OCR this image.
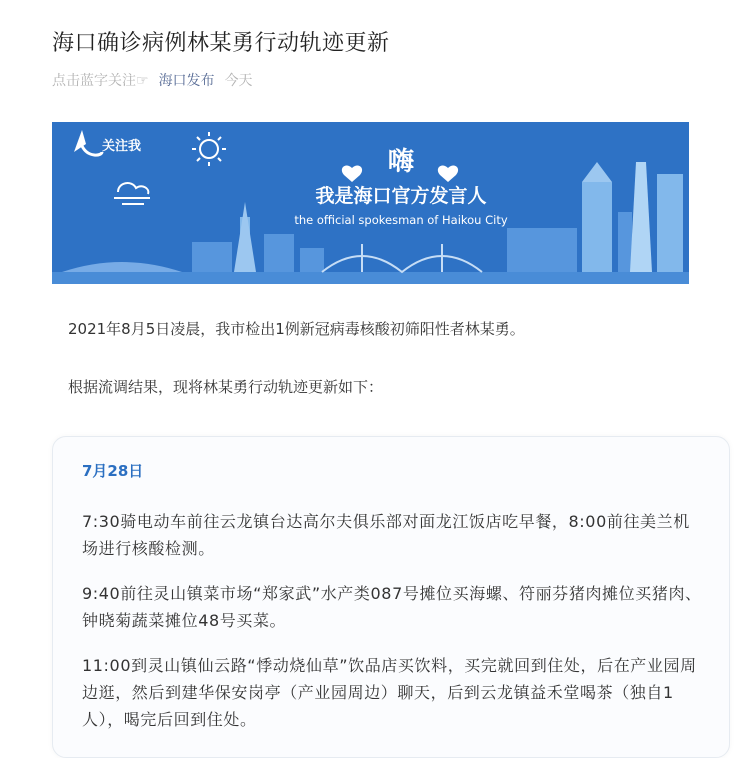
海口确诊病例林某勇行动轨迹更新
点击蓝字关注☞ 海口发布 今天
关注我
嗨
我是海口官方发言人
the official spokesman of Haikou City
2021年8月5日凌晨，我市检出1例新冠病毒核酸初筛阳性者林某勇。
根据流调结果，现将林某勇行动轨迹更新如下：
7月28日
7:30骑电动车前往云龙镇台达高尔夫俱乐部对面龙江饭店吃早餐，8:00前往美兰机场进行核酸检测。
9:40前往灵山镇菜市场“郑家武”水产类087号摊位买海螺、符丽芬猪肉摊位买猪肉、钟晓菊蔬菜摊位48号买菜。
11:00到灵山镇仙云路“悸动烧仙草”饮品店买饮料，买完就回到住处，后在产业园周边逛，然后到建华保安岗亭（产业园周边）聊天，后到云龙镇益禾堂喝茶（独自1人），喝完后回到住处。
